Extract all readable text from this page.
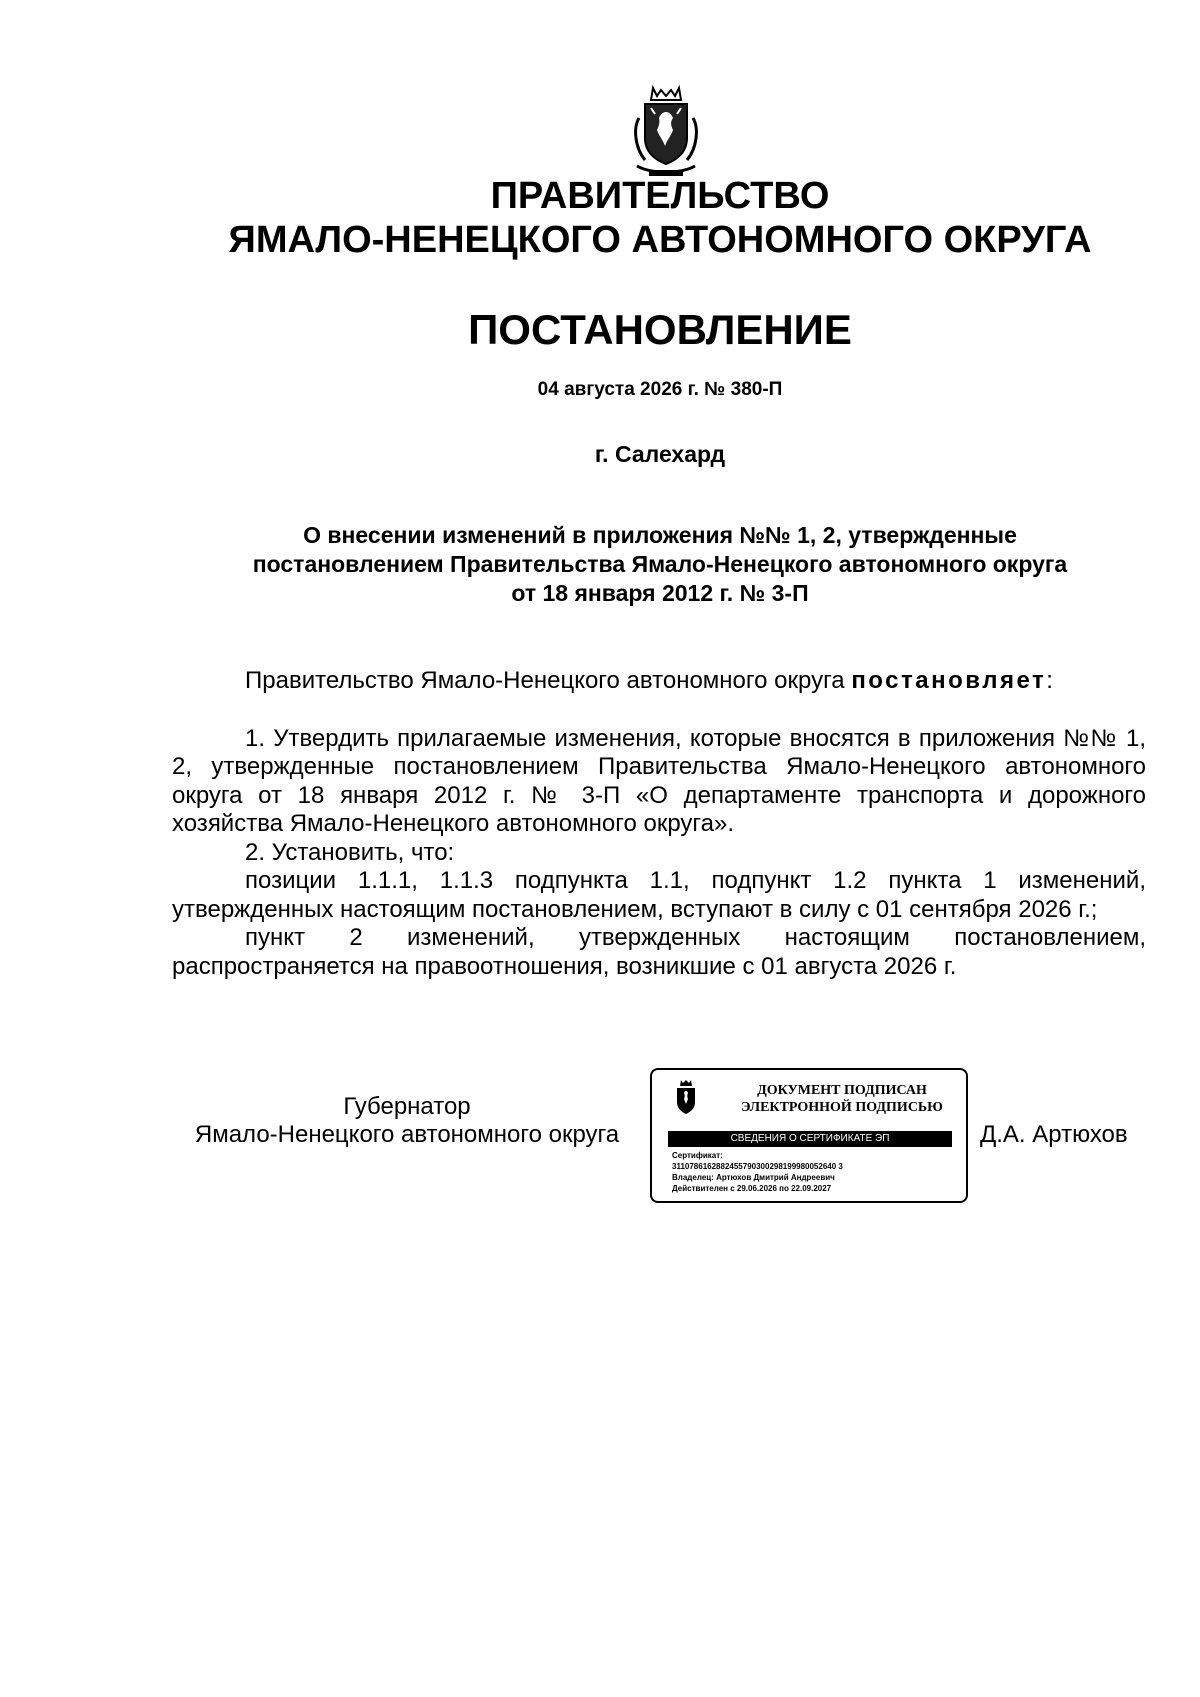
ПРАВИТЕЛЬСТВО
ЯМАЛО-НЕНЕЦКОГО АВТОНОМНОГО ОКРУГА
ПОСТАНОВЛЕНИЕ
04 августа 2026 г. № 380-П
г. Салехард
О внесении изменений в приложения №№ 1, 2, утвержденные
постановлением Правительства Ямало-Ненецкого автономного округа
от 18 января 2012 г. № 3-П

Правительство Ямало-Ненецкого автономного округа постановляет:

1. Утвердить прилагаемые изменения, которые вносятся в приложения №№ 1, 2, утвержденные постановлением Правительства Ямало-Ненецкого автономного округа от 18 января 2012 г. № 3-П «О департаменте транспорта и дорожного хозяйства Ямало-Ненецкого автономного округа».

2. Установить, что:

позиции 1.1.1, 1.1.3 подпункта 1.1, подпункт 1.2 пункта 1 изменений, утвержденных настоящим постановлением, вступают в силу с 01 сентября 2026 г.;

пункт 2 изменений, утвержденных настоящим постановлением, распространяется на правоотношения, возникшие с 01 августа 2026 г.

Губернатор
Ямало-Ненецкого автономного округа
ДОКУМЕНТ ПОДПИСАН
ЭЛЕКТРОННОЙ ПОДПИСЬЮ
СВЕДЕНИЯ О СЕРТИФИКАТЕ ЭП
Сертификат:
3110786162882455790300298199980052640 3
Владелец: Артюхов Дмитрий Андреевич
Действителен с 29.06.2026 по 22.09.2027
Д.А. Артюхов
